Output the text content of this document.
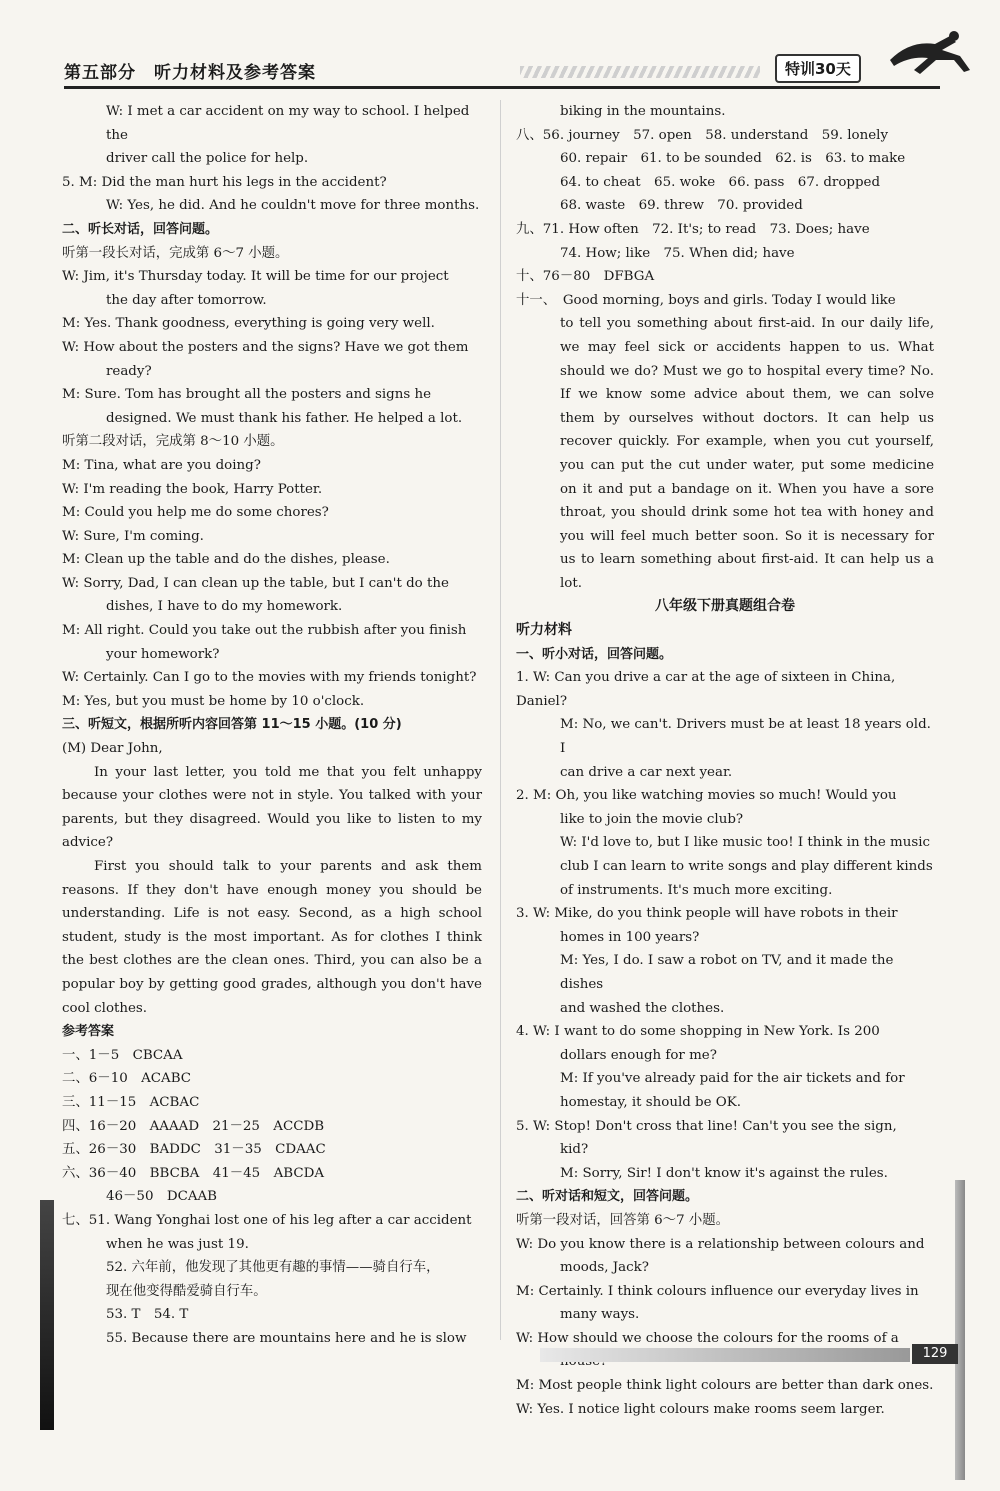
第五部分　听力材料及参考答案	特训30天

W: I met a car accident on my way to school. I helped the

driver call the police for help.

5. M: Did the man hurt his legs in the accident?

W: Yes, he did. And he couldn't move for three months.

二、听长对话，回答问题。

听第一段长对话，完成第 6～7 小题。

W: Jim, it's Thursday today. It will be time for our project

the day after tomorrow.

M: Yes. Thank goodness, everything is going very well.

W: How about the posters and the signs? Have we got them

ready?

M: Sure. Tom has brought all the posters and signs he

designed. We must thank his father. He helped a lot.

听第二段对话，完成第 8～10 小题。

M: Tina, what are you doing?

W: I'm reading the book, Harry Potter.

M: Could you help me do some chores?

W: Sure, I'm coming.

M: Clean up the table and do the dishes, please.

W: Sorry, Dad, I can clean up the table, but I can't do the

dishes, I have to do my homework.

M: All right. Could you take out the rubbish after you finish

your homework?

W: Certainly. Can I go to the movies with my friends tonight?

M: Yes, but you must be home by 10 o'clock.

三、听短文，根据所听内容回答第 11～15 小题。(10 分)

(M) Dear John,

In your last letter, you told me that you felt unhappy because your clothes were not in style. You talked with your parents, but they disagreed. Would you like to listen to my advice?

First you should talk to your parents and ask them reasons. If they don't have enough money you should be understanding. Life is not easy. Second, as a high school student, study is the most important. As for clothes I think the best clothes are the clean ones. Third, you can also be a popular boy by getting good grades, although you don't have cool clothes.

参考答案

一、1－5　CBCAA

二、6－10　ACABC

三、11－15　ACBAC

四、16－20　AAAAD　21－25　ACCDB

五、26－30　BADDC　31－35　CDAAC

六、36－40　BBCBA　41－45　ABCDA

46－50　DCAAB

七、51. Wang Yonghai lost one of his leg after a car accident

when he was just 19.

52. 六年前，他发现了其他更有趣的事情——骑自行车，

现在他变得酷爱骑自行车。

53. T　54. T

55. Because there are mountains here and he is slow

biking in the mountains.

八、56. journey　57. open　58. understand　59. lonely

60. repair　61. to be sounded　62. is　63. to make

64. to cheat　65. woke　66. pass　67. dropped

68. waste　69. threw　70. provided

九、71. How often　72. It's; to read　73. Does; have

74. How; like　75. When did; have

十、76－80　DFBGA

十一、　Good morning, boys and girls. Today I would like

to tell you something about first-aid. In our daily life, we may feel sick or accidents happen to us. What should we do? Must we go to hospital every time? No. If we know some advice about them, we can solve them by ourselves without doctors. It can help us recover quickly. For example, when you cut yourself, you can put the cut under water, put some medicine on it and put a bandage on it. When you have a sore throat, you should drink some hot tea with honey and you will feel much better soon. So it is necessary for us to learn something about first-aid. It can help us a lot.

八年级下册真题组合卷

听力材料

一、听小对话，回答问题。

1. W: Can you drive a car at the age of sixteen in China, Daniel?

M: No, we can't. Drivers must be at least 18 years old. I

can drive a car next year.

2. M: Oh, you like watching movies so much! Would you

like to join the movie club?

W: I'd love to, but I like music too! I think in the music

club I can learn to write songs and play different kinds

of instruments. It's much more exciting.

3. W: Mike, do you think people will have robots in their

homes in 100 years?

M: Yes, I do. I saw a robot on TV, and it made the dishes

and washed the clothes.

4. W: I want to do some shopping in New York. Is 200

dollars enough for me?

M: If you've already paid for the air tickets and for

homestay, it should be OK.

5. W: Stop! Don't cross that line! Can't you see the sign,

kid?

M: Sorry, Sir! I don't know it's against the rules.

二、听对话和短文，回答问题。

听第一段对话，回答第 6～7 小题。

W: Do you know there is a relationship between colours and

moods, Jack?

M: Certainly. I think colours influence our everyday lives in

many ways.

W: How should we choose the colours for the rooms of a

M: Most people think light colours are better than dark ones.

W: Yes. I notice light colours make rooms seem larger.

129
